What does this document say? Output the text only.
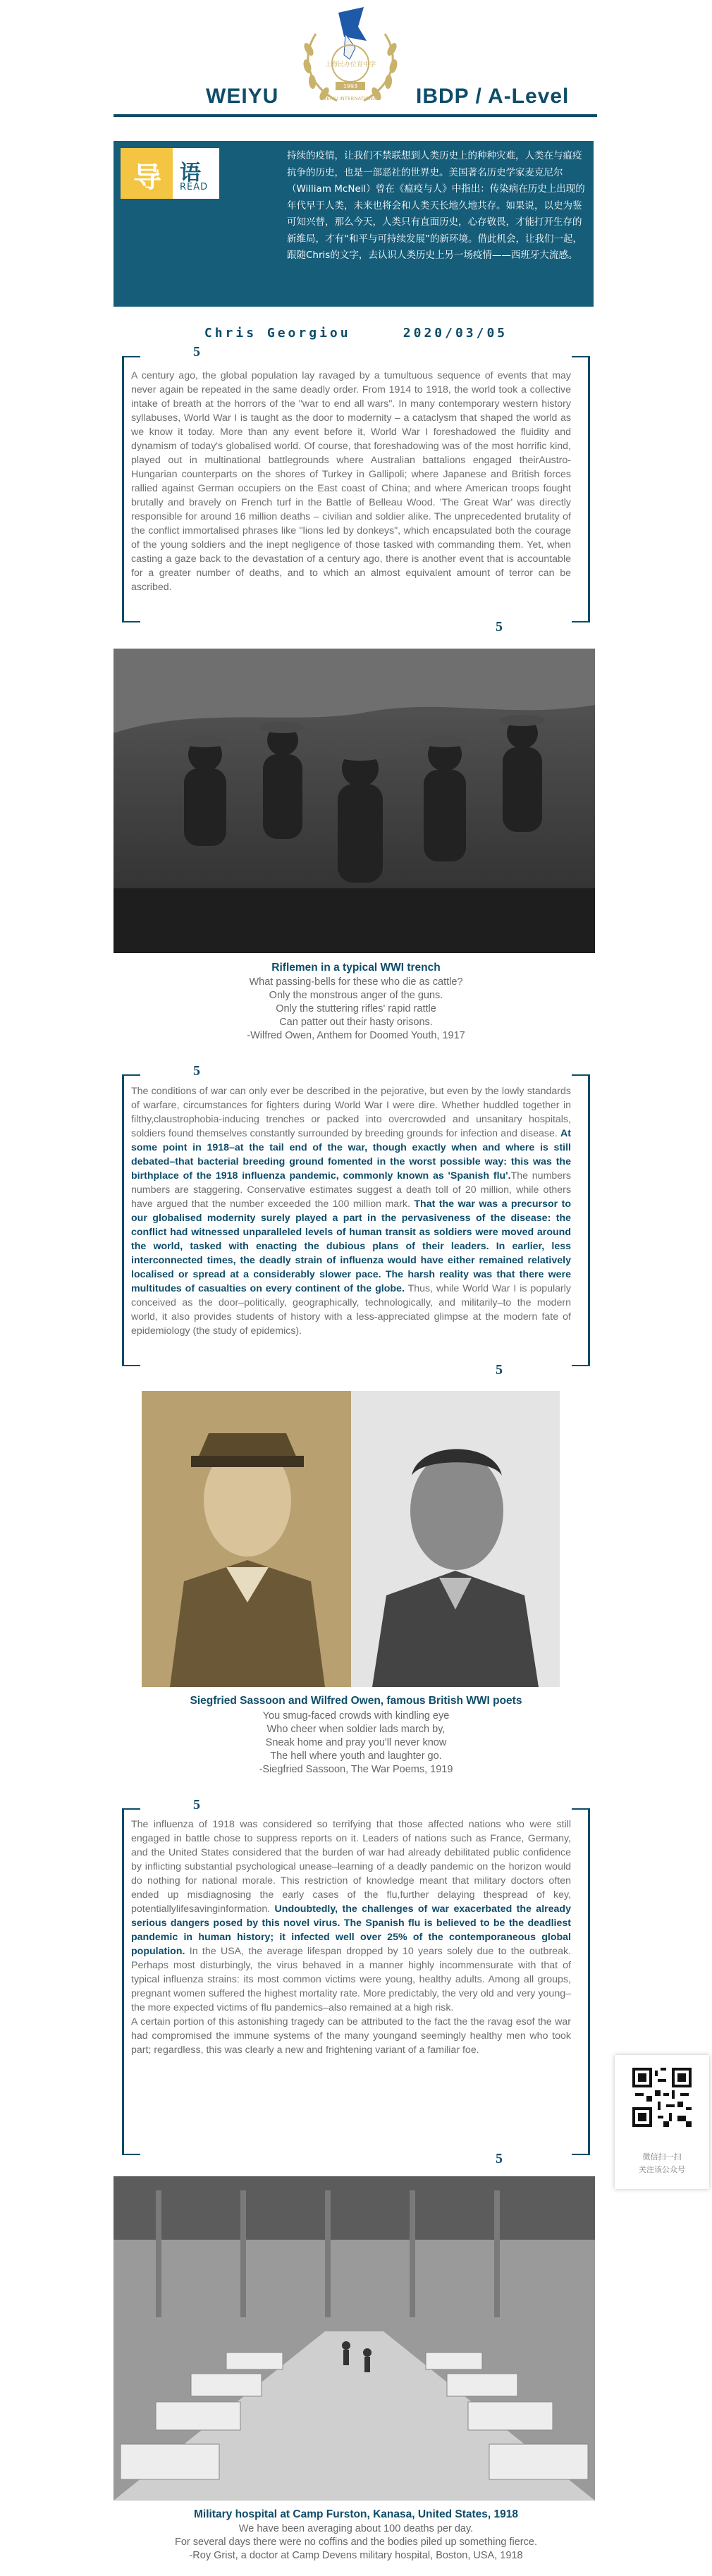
WEIYU	IBDP / A-Level
上海民办位育中学
1993
WEIYU INTERNATIONAL
导 语
READ
持续的疫情，让我们不禁联想到人类历史上的种种灾难，人类在与瘟疫抗争的历史，也是一部恶社的世界史。美国著名历史学家麦克尼尔（William McNeil）曾在《瘟疫与人》中指出：传染病在历史上出现的年代早于人类，未来也将会和人类天长地久地共存。如果说，以史为鉴可知兴替，那么今天，人类只有直面历史，心存敬畏，才能打开生存的新维局，才有“和平与可持续发展”的新环境。借此机会，让我们一起，跟随Chris的文字，去认识人类历史上另一场疫情——西班牙大流感。
Chris Georgiou	2020/03/05
5
A century ago, the global population lay ravaged by a tumultuous sequence of events that may never again be repeated in the same deadly order. From 1914 to 1918, the world took a collective intake of breath at the horrors of the "war to end all wars". In many contemporary western history syllabuses, World War I is taught as the door to modernity – a cataclysm that shaped the world as we know it today. More than any event before it, World War I foreshadowed the fluidity and dynamism of today's globalised world. Of course, that foreshadowing was of the most horrific kind, played out in multinational battlegrounds where Australian battalions engaged theirAustro-Hungarian counterparts on the shores of Turkey in Gallipoli; where Japanese and British forces rallied against German occupiers on the East coast of China; and where American troops fought brutally and bravely on French turf in the Battle of Belleau Wood. 'The Great War' was directly responsible for around 16 million deaths – civilian and soldier alike. The unprecedented brutality of the conflict immortalised phrases like "lions led by donkeys", which encapsulated both the courage of the young soldiers and the inept negligence of those tasked with commanding them. Yet, when casting a gaze back to the devastation of a century ago, there is another event that is accountable for a greater number of deaths, and to which an almost equivalent amount of terror can be ascribed.
5
Riflemen in a typical WWI trench
What passing-bells for these who die as cattle?
Only the monstrous anger of the guns.
Only the stuttering rifles' rapid rattle
Can patter out their hasty orisons.
-Wilfred Owen, Anthem for Doomed Youth, 1917
5
The conditions of war can only ever be described in the pejorative, but even by the lowly standards of warfare, circumstances for fighters during World War I were dire. Whether huddled together in filthy,claustrophobia-inducing trenches or packed into overcrowded and unsanitary hospitals, soldiers found themselves constantly surrounded by breeding grounds for infection and disease. At some point in 1918–at the tail end of the war, though exactly when and where is still debated–that bacterial breeding ground fomented in the worst possible way: this was the birthplace of the 1918 influenza pandemic, commonly known as 'Spanish flu'.The numbers numbers are staggering. Conservative estimates suggest a death toll of 20 million, while others have argued that the number exceeded the 100 million mark. That the war was a precursor to our globalised modernity surely played a part in the pervasiveness of the disease: the conflict had witnessed unparalleled levels of human transit as soldiers were moved around the world, tasked with enacting the dubious plans of their leaders. In earlier, less interconnected times, the deadly strain of influenza would have either remained relatively localised or spread at a considerably slower pace. The harsh reality was that there were multitudes of casualties on every continent of the globe. Thus, while World War I is popularly conceived as the door–politically, geographically, technologically, and militarily–to the modern world, it also provides students of history with a less-appreciated glimpse at the modern fate of epidemiology (the study of epidemics).
5
Siegfried Sassoon and Wilfred Owen, famous British WWI poets
You smug-faced crowds with kindling eye
Who cheer when soldier lads march by,
Sneak home and pray you'll never know
The hell where youth and laughter go.
-Siegfried Sassoon, The War Poems, 1919
5
The influenza of 1918 was considered so terrifying that those affected nations who were still engaged in battle chose to suppress reports on it. Leaders of nations such as France, Germany, and the United States considered that the burden of war had already debilitated public confidence by inflicting substantial psychological unease–learning of a deadly pandemic on the horizon would do nothing for national morale. This restriction of knowledge meant that military doctors often ended up misdiagnosing the early cases of the flu,further delaying thespread of key, potentiallylifesavinginformation. Undoubtedly, the challenges of war exacerbated the already serious dangers posed by this novel virus. The Spanish flu is believed to be the deadliest pandemic in human history; it infected well over 25% of the contemporaneous global population. In the USA, the average lifespan dropped by 10 years solely due to the outbreak. Perhaps most disturbingly, the virus behaved in a manner highly incommensurate with that of typical influenza strains: its most common victims were young, healthy adults. Among all groups, pregnant women suffered the highest mortality rate. More predictably, the very old and very young–the more expected victims of flu pandemics–also remained at a high risk.
A certain portion of this astonishing tragedy can be attributed to the fact the the ravag esof the war had compromised the immune systems of the many youngand seemingly healthy men who took part; regardless, this was clearly a new and frightening variant of a familiar foe.
5	微信扫一扫
关注该公众号
Military hospital at Camp Furston, Kanasa, United States, 1918
We have been averaging about 100 deaths per day.
For several days there were no coffins and the bodies piled up something fierce.
-Roy Grist, a doctor at Camp Devens military hospital, Boston, USA, 1918
